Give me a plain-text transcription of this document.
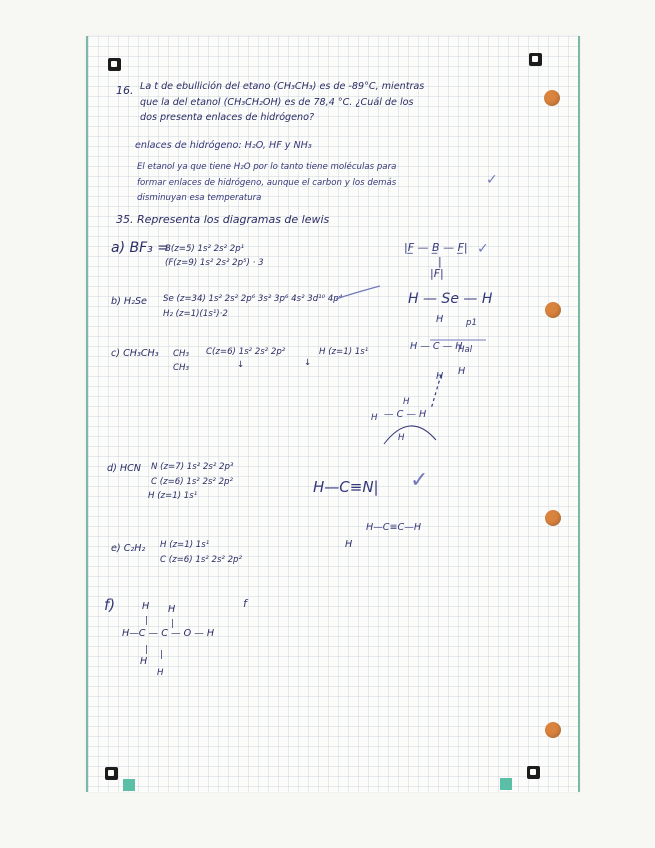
16. La t de ebullición del etano (CH₃CH₃) es de -89°C, mientras
que la del etanol (CH₃CH₂OH) es de 78,4 °C. ¿Cuál de los
dos presenta enlaces de hidrógeno?
enlaces de hidrógeno: H₂O, HF y NH₃
El etanol ya que tiene H₂O por lo tanto tiene moléculas para
formar enlaces de hidrógeno, aunque el carbon y los demás
disminuyan esa temperatura
✓
35. Representa los diagramas de lewis
a) BF₃ =
B(z=5) 1s² 2s² 2p¹
(F(z=9) 1s² 2s² 2p⁵) · 3
|F̲ — B̲ — F̲|
|
|F|
✓
b) H₂Se Se (z=34) 1s² 2s² 2p⁶ 3s² 3p⁶ 4s² 3d¹⁰ 4p⁴
H₂ (z=1)(1s¹)·2
H — Se — H
c) CH₃CH₃ CH₃
CH₃
C(z=6) 1s² 2s² 2p²	H (z=1) 1s¹
↓	↓
H
H — C — H
H
Hal
H
p1
H
— C — H
H
H
d) HCN N (z=7) 1s² 2s² 2p³
C (z=6) 1s² 2s² 2p²
H (z=1) 1s¹	H—C≡N| ✓
e) C₂H₂ H (z=1) 1s¹
C (z=6) 1s² 2s² 2p²
H—C≡C—H
H
f)	H H
|	|
H—C — C — O — H
| |
H
H
f
